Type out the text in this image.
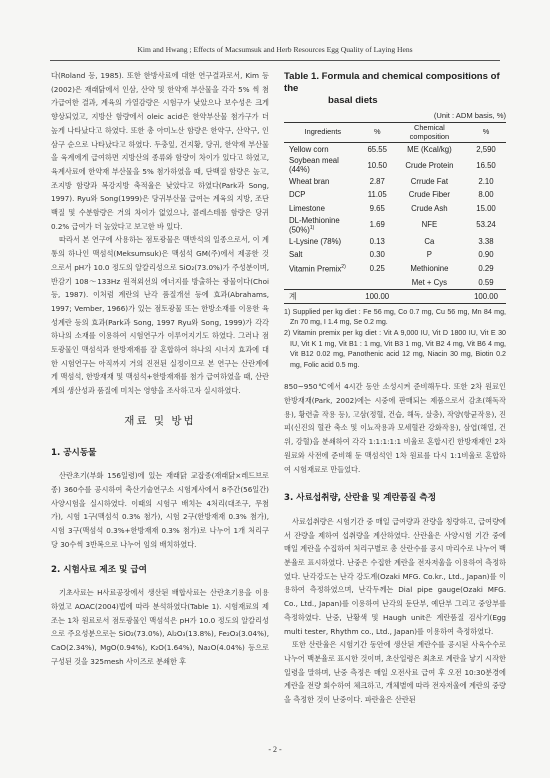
Kim and Hwang ; Effects of Macsumsuk and Herb Resources Egg Quality of Laying Hens

다(Roland 등, 1985). 또한 한방사료에 대한 연구결과로서, Kim 등(2002)은 재래닭에서 인삼, 산약 및 한약재 부산물을 각각 5% 씩 첨가급여한 결과, 계육의 가열감량은 시험구가 낮았으나 보수성은 크게 향상되었고, 지방산 함량에서 oleic acid은 한약부산물 첨가구가 더 높게 나타났다고 하였다. 또한 총 아미노산 함량은 한약구, 산약구, 인삼구 순으로 나타났다고 하였다. 두충잎, 건지황, 당귀, 한약재 부산물을 육계에게 급여하면 지방산의 종류와 함량이 차이가 있다고 하였고, 육계사료에 한약재 부산물을 5% 첨가하였을 때, 단백질 함량은 높고, 조지방 함량과 복강지방 축적율은 낮았다고 하였다(Park과 Song, 1997). Ryu와 Song(1999)은 당귀부산물 급여는 계육의 지방, 조단백질 및 수분함량은 거의 차이가 없었으나, 콜레스테롤 함량은 당귀 0.2% 급여가 더 높았다고 보고한 바 있다.

따라서 본 연구에 사용하는 점토광물은 맥반석의 일종으로서, 이 계통의 하나인 맥섬석(Meksumsuk)은 맥섬석 GM(주)에서 제공한 것으로서 pH가 10.0 정도의 알칼리성으로 SiO₂(73.0%)가 주성분이며, 반감기 108～133Hz 원적외선의 에너지를 방출하는 광물이다(Choi 등, 1987). 이처럼 계란의 난각 품질개선 등에 효과(Abrahams, 1997; Vember, 1966)가 있는 점토광물 또는 한방소재를 이용한 육성계란 등의 효과(Park과 Song, 1997 Ryu와 Song, 1999)가 각각 하나의 소재를 이용하여 시험연구가 이루어지기도 하였다. 그러나 점토광물인 맥섬석과 한방재재를 잘 혼합하여 하나의 시너지 효과에 대한 시험연구는 아직까지 거의 진전된 실정이므로 본 연구는 산란계에게 맥섬석, 한방재재 및 맥섬석+한방재재를 첨가 급여하였을 때, 산란계의 생산성과 품질에 미치는 영향을 조사하고자 실시하였다.

재료 및 방법
1. 공시동물

산란초기(부화 156일령)에 있는 재래닭 교잡종(재래닭×레드브로종) 360수를 공시하여 축산기술연구소 시험계사에서 8주간(56일간) 사양시험을 실시하였다. 이때의 시험구 배치는 4처리(대조구, 무첨가), 시험 1구(맥섬석 0.3% 첨가), 시험 2구(한방재재 0.3% 첨가), 시험 3구(맥섬석 0.3%+한방재재 0.3% 첨가)로 나누어 1개 처리구당 30수씩 3반복으로 나누어 임의 배치하였다.

2. 시험사료 제조 및 급여

기초사료는 H사료공장에서 생산된 배합사료는 산란초기용을 이용하였고 AOAC(2004)법에 따라 분석하였다(Table 1). 시험재료의 제조는 1차 원료로서 점토광물인 맥섬석은 pH가 10.0 정도의 알칼리성으로 주요성분으로는 SiO₂(73.0%), Al₂O₃(13.8%), Fe₂O₃(3.04%), CaO(2.34%), MgO(0.94%), K₂O(1.64%), Na₂O(4.04%) 등으로 구성된 것을 325mesh 사이즈로 분쇄한 후

Table 1. Formula and chemical compositions of the
basal diets
(Unit : ADM basis, %)
Ingredients	%	Chemical composition	%
Yellow corn	65.55	ME (Kcal/kg)	2,590
Soybean meal (44%)	10.50	Crude Protein	16.50
Wheat bran	2.87	Crrude Fat	2.10
DCP	11.05	Crude Fiber	8.00
Limestone	9.65	Crude Ash	15.00
DL-Methionine $(50\%)^{1)}$	1.69	NFE	53.24
L-Lysine (78%)	0.13	Ca	3.38
Salt	0.30	P	0.90
Vitamin Premix$^{2)}$	0.25	Methionine	0.29
		Met + Cys	0.59
계	100.00		100.00

1) Supplied per kg diet : Fe 56 mg, Co 0.7 mg, Cu 56 mg, Mn 84 mg, Zn 70 mg, I 1.4 mg, Se 0.2 mg.

2) Vitamin premix per kg diet : Vit A 9,000 IU, Vit D 1800 IU, Vit E 30 IU, Vit K 1 mg, Vit B1 : 1 mg, Vit B3 1 mg, Vit B2 4 mg, Vit B6 4 mg, Vit B12 0.02 mg, Panothenic acid 12 mg, Niacin 30 mg, Biotin 0.2 mg, Folic acid 0.5 mg.

850~950℃에서 4시간 동안 소성시켜 준비해두다. 또한 2차 원료인 한방재재(Park, 2002)에는 시중에 판매되는 제품으로서 감초(해독작용), 황련출 작용 등), 고삼(정혈, 건습, 해독, 살충), 작양(항균작용), 진피(신진의 혈관 축소 및 이뇨작용과 모세혈관 강화작용), 삼엽(해열, 건위, 강혈)을 분쇄하여 각각 1:1:1:1:1 비율로 혼합시킨 한방재재인 2차 원료와 사전에 준비해 둔 맥섬석인 1차 원료를 다시 1:1비율로 혼합하여 시험재료로 만들었다.

3. 사료섭취량, 산란율 및 계란품질 측정

사료섭취량은 시험기간 중 매일 급여량과 잔량을 칭량하고, 급여량에서 잔량을 제하여 섭취량을 계산하였다. 산란율은 사양시험 기간 중에 매일 계란을 수집하여 처리구별로 총 산란수를 공시 마리수로 나누어 백분율로 표시하였다. 난중은 수집한 계란을 전자저울을 이용하여 측정하였다. 난각강도는 난각 강도계(Ozaki MFG. Co.kr., Ltd., Japan)를 이용하여 측정하였으며, 난각두께는 Dial pipe gauge(Ozaki MFG. Co., Ltd., Japan)를 이용하여 난각의 둔단부, 예단부 그리고 중앙부를 측정하였다. 난중, 난황색 및 Haugh unit은 계란품질 검사기(Egg multi tester, Rhythm co., Ltd., Japan)를 이용하여 측정하였다.

또한 산란율은 시험기간 동안에 생산된 계란수를 공시된 사육수수로 나누어 백분율로 표시한 것이며, 초산일령은 최초로 계란을 낳기 시작한 일령을 말하며, 난중 측정은 매일 오전사료 급여 후 오전 10:30분경에 계란을 전량 회수하여 체크하고, 개체별에 따라 전자저울에 계란의 중량을 측정한 것이 난중이다. 파란율은 산란된

- 2 -
